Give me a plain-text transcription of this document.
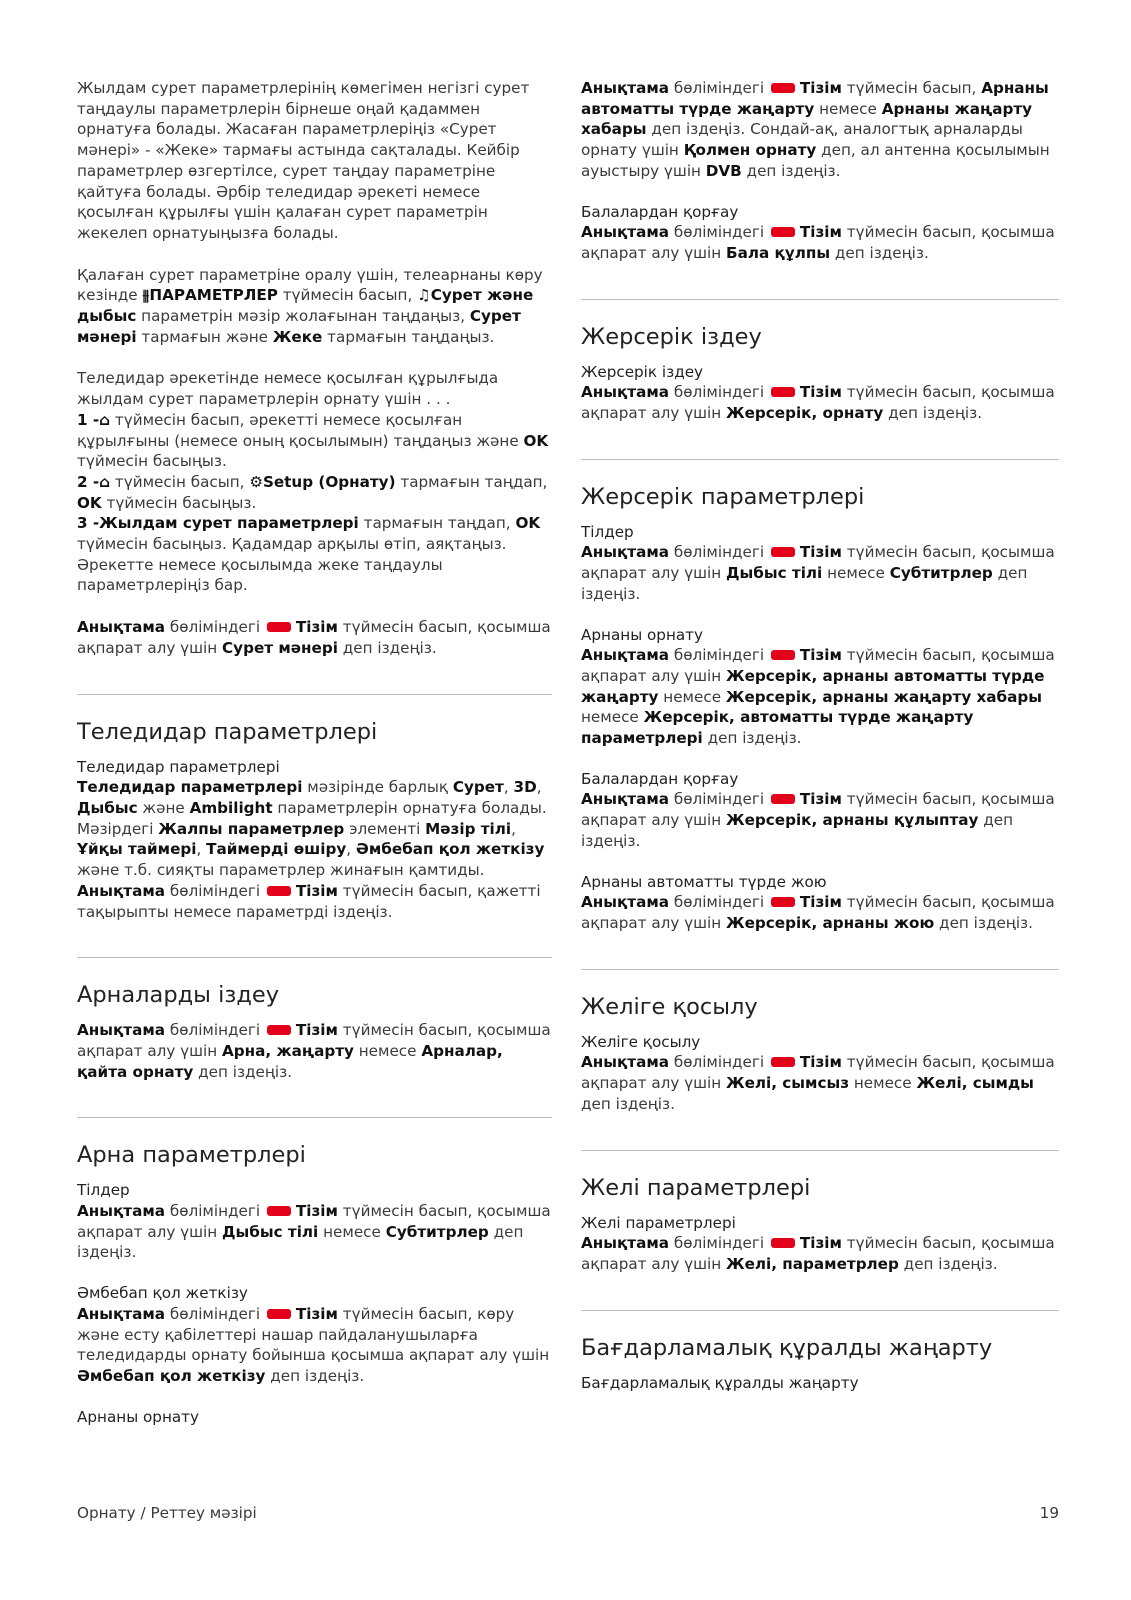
Жылдам сурет параметрлерінің көмегімен негізгі сурет таңдаулы параметрлерін бірнеше оңай қадаммен орнатуға болады. Жасаған параметрлеріңіз «Сурет мәнері» - «Жеке» тармағы астында сақталады. Кейбір параметрлер өзгертілсе, сурет таңдау параметріне қайтуға болады. Әрбір теледидар әрекеті немесе қосылған құрылғы үшін қалаған сурет параметрін жекелеп орнатуыңызға болады.

Қалаған сурет параметріне оралу үшін, телеарнаны көру кезінде ⫵︎ПАРАМЕТРЛЕР түймесін басып, ♫︎Сурет және дыбыс параметрін мәзір жолағынан таңдаңыз, Сурет мәнері тармағын және Жеке тармағын таңдаңыз.

Теледидар әрекетінде немесе қосылған құрылғыда жылдам сурет параметрлерін орнату үшін . . .

1 -⌂︎ түймесін басып, әрекетті немесе қосылған құрылғыны (немесе оның қосылымын) таңдаңыз және OK түймесін басыңыз.

2 -⌂︎ түймесін басып, ⚙︎Setup (Орнату) тармағын таңдап, OK түймесін басыңыз.

3 -Жылдам сурет параметрлері тармағын таңдап, OK түймесін басыңыз. Қадамдар арқылы өтіп, аяқтаңыз. Әрекетте немесе қосылымда жеке таңдаулы параметрлеріңіз бар.

Анықтама бөліміндегі Тізім түймесін басып, қосымша ақпарат алу үшін Сурет мәнері деп іздеңіз.

Теледидар параметрлері

Теледидар параметрлері

Теледидар параметрлері мәзірінде барлық Сурет, 3D, Дыбыс және Ambilight параметрлерін орнатуға болады. Мәзірдегі Жалпы параметрлер элементі Мәзір тілі, Ұйқы таймері, Таймерді өшіру, Әмбебап қол жеткізу және т.б. сияқты параметрлер жинағын қамтиды.

Анықтама бөліміндегі Тізім түймесін басып, қажетті тақырыпты немесе параметрді іздеңіз.

Арналарды іздеу

Анықтама бөліміндегі Тізім түймесін басып, қосымша ақпарат алу үшін Арна, жаңарту немесе Арналар, қайта орнату деп іздеңіз.

Арна параметрлері

Тілдер

Анықтама бөліміндегі Тізім түймесін басып, қосымша ақпарат алу үшін Дыбыс тілі немесе Субтитрлер деп іздеңіз.

Әмбебап қол жеткізу

Анықтама бөліміндегі Тізім түймесін басып, көру және есту қабілеттері нашар пайдаланушыларға теледидарды орнату бойынша қосымша ақпарат алу үшін Әмбебап қол жеткізу деп іздеңіз.

Арнаны орнату

Анықтама бөліміндегі Тізім түймесін басып, Арнаны автоматты түрде жаңарту немесе Арнаны жаңарту хабары деп іздеңіз. Сондай-ақ, аналогтық арналарды орнату үшін Қолмен орнату деп, ал антенна қосылымын ауыстыру үшін DVB деп іздеңіз.

Балалардан қорғау

Анықтама бөліміндегі Тізім түймесін басып, қосымша ақпарат алу үшін Бала құлпы деп іздеңіз.

Жерсерік іздеу

Жерсерік іздеу

Анықтама бөліміндегі Тізім түймесін басып, қосымша ақпарат алу үшін Жерсерік, орнату деп іздеңіз.

Жерсерік параметрлері

Тілдер

Анықтама бөліміндегі Тізім түймесін басып, қосымша ақпарат алу үшін Дыбыс тілі немесе Субтитрлер деп іздеңіз.

Арнаны орнату

Анықтама бөліміндегі Тізім түймесін басып, қосымша ақпарат алу үшін Жерсерік, арнаны автоматты түрде жаңарту немесе Жерсерік, арнаны жаңарту хабары немесе Жерсерік, автоматты түрде жаңарту параметрлері деп іздеңіз.

Балалардан қорғау

Анықтама бөліміндегі Тізім түймесін басып, қосымша ақпарат алу үшін Жерсерік, арнаны құлыптау деп іздеңіз.

Арнаны автоматты түрде жою

Анықтама бөліміндегі Тізім түймесін басып, қосымша ақпарат алу үшін Жерсерік, арнаны жою деп іздеңіз.

Желіге қосылу

Желіге қосылу

Анықтама бөліміндегі Тізім түймесін басып, қосымша ақпарат алу үшін Желі, сымсыз немесе Желі, сымды деп іздеңіз.

Желі параметрлері

Желі параметрлері

Анықтама бөліміндегі Тізім түймесін басып, қосымша ақпарат алу үшін Желі, параметрлер деп іздеңіз.

Бағдарламалық құралды жаңарту

Бағдарламалық құралды жаңарту

Орнату / Реттеу мәзірі	19
